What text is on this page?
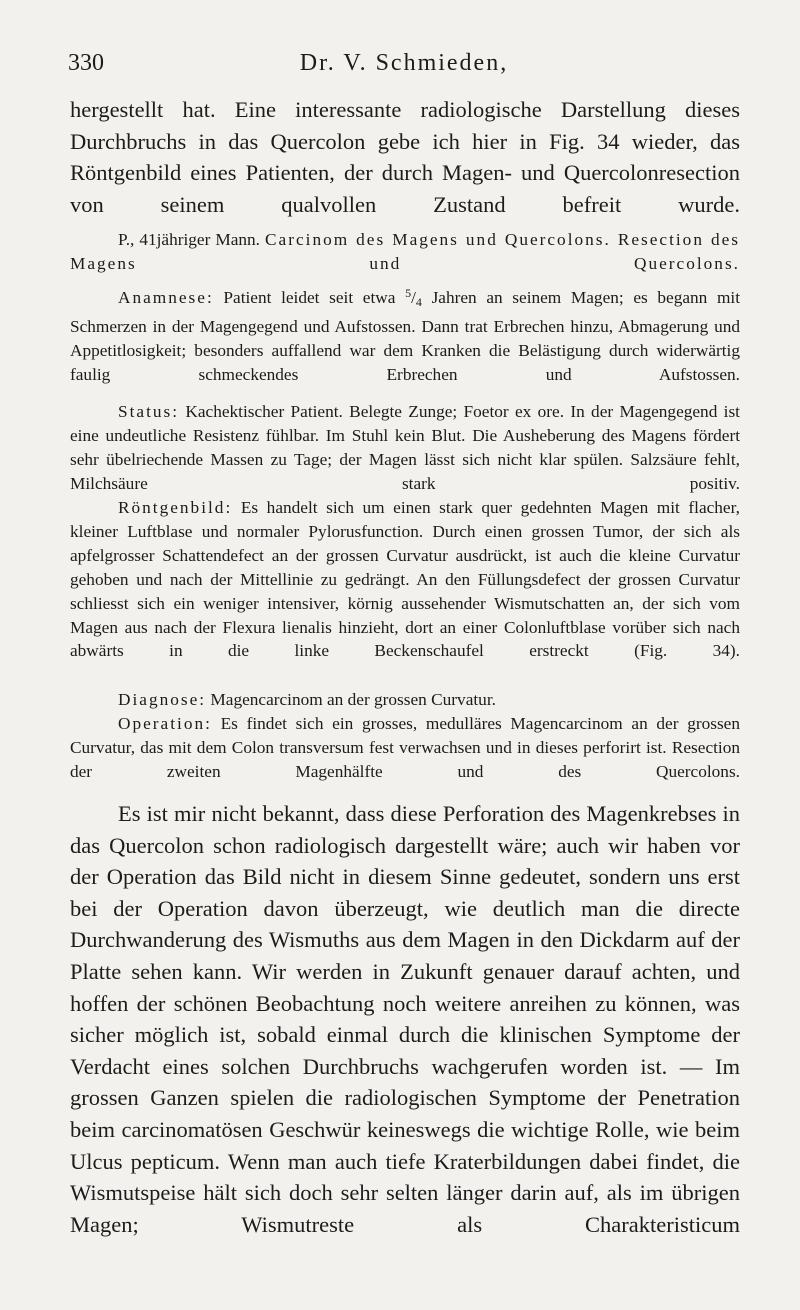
330	Dr. V. Schmieden,

hergestellt hat. Eine interessante radiologische Darstellung dieses Durchbruchs in das Quercolon gebe ich hier in Fig. 34 wieder, das Röntgenbild eines Patienten, der durch Magen- und Quercolonresection von seinem qualvollen Zustand befreit wurde.

P., 41jähriger Mann. Carcinom des Magens und Quercolons. Resection des Magens und Quercolons.

Anamnese: Patient leidet seit etwa $^5/_4$ Jahren an seinem Magen; es begann mit Schmerzen in der Magengegend und Aufstossen. Dann trat Erbrechen hinzu, Abmagerung und Appetitlosigkeit; besonders auffallend war dem Kranken die Belästigung durch widerwärtig faulig schmeckendes Erbrechen und Aufstossen.

Status: Kachektischer Patient. Belegte Zunge; Foetor ex ore. In der Magengegend ist eine undeutliche Resistenz fühlbar. Im Stuhl kein Blut. Die Ausheberung des Magens fördert sehr übelriechende Massen zu Tage; der Magen lässt sich nicht klar spülen. Salzsäure fehlt, Milchsäure stark positiv.

Röntgenbild: Es handelt sich um einen stark quer gedehnten Magen mit flacher, kleiner Luftblase und normaler Pylorusfunction. Durch einen grossen Tumor, der sich als apfelgrosser Schattendefect an der grossen Curvatur ausdrückt, ist auch die kleine Curvatur gehoben und nach der Mittellinie zu gedrängt. An den Füllungsdefect der grossen Curvatur schliesst sich ein weniger intensiver, körnig aussehender Wismutschatten an, der sich vom Magen aus nach der Flexura lienalis hinzieht, dort an einer Colonluftblase vorüber sich nach abwärts in die linke Beckenschaufel erstreckt (Fig. 34).

Diagnose: Magencarcinom an der grossen Curvatur.

Operation: Es findet sich ein grosses, medulläres Magencarcinom an der grossen Curvatur, das mit dem Colon transversum fest verwachsen und in dieses perforirt ist. Resection der zweiten Magenhälfte und des Quercolons.

Es ist mir nicht bekannt, dass diese Perforation des Magenkrebses in das Quercolon schon radiologisch dargestellt wäre; auch wir haben vor der Operation das Bild nicht in diesem Sinne gedeutet, sondern uns erst bei der Operation davon überzeugt, wie deutlich man die directe Durchwanderung des Wismuths aus dem Magen in den Dickdarm auf der Platte sehen kann. Wir werden in Zukunft genauer darauf achten, und hoffen der schönen Beobachtung noch weitere anreihen zu können, was sicher möglich ist, sobald einmal durch die klinischen Symptome der Verdacht eines solchen Durchbruchs wachgerufen worden ist. — Im grossen Ganzen spielen die radiologischen Symptome der Penetration beim carcinomatösen Geschwür keineswegs die wichtige Rolle, wie beim Ulcus pepticum. Wenn man auch tiefe Kraterbildungen dabei findet, die Wismutspeise hält sich doch sehr selten länger darin auf, als im übrigen Magen; Wismutreste als Charakteristicum
